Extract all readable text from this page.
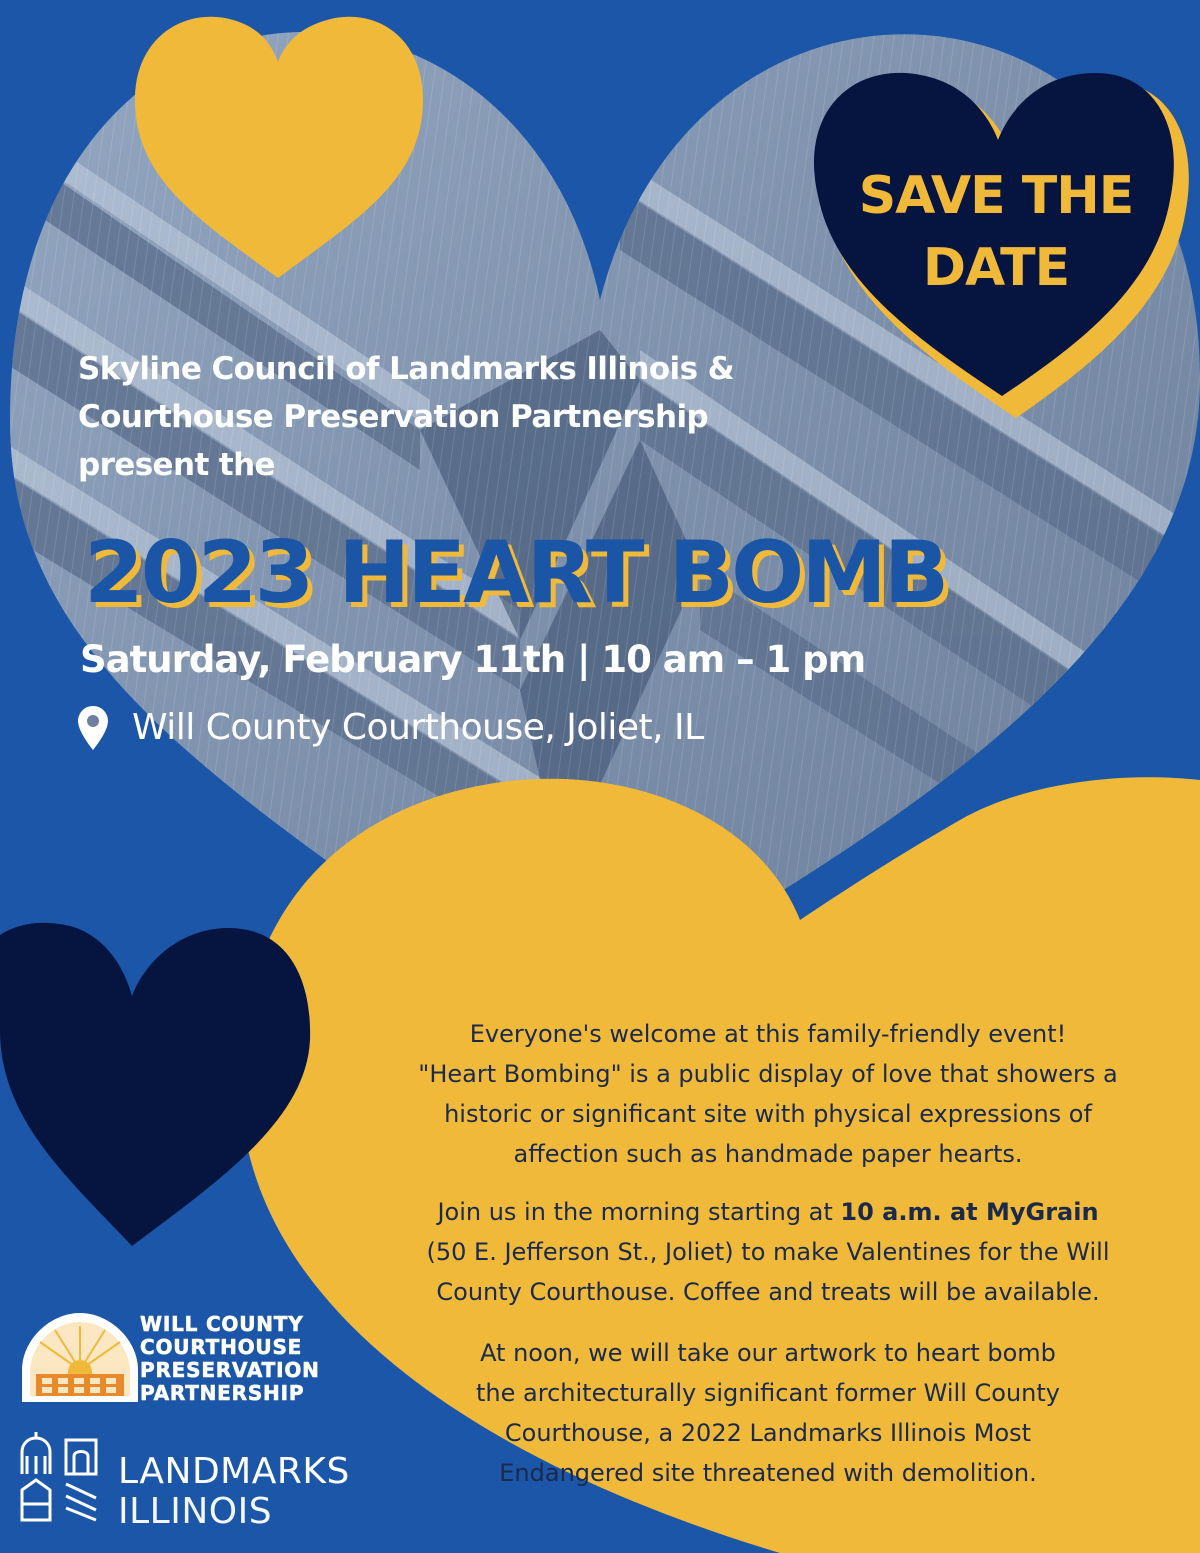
SAVE THE
DATE
Skyline Council of Landmarks Illinois &
Courthouse Preservation Partnership
present the
2023 HEART BOMB
Saturday, February 11th | 10 am – 1 pm
Will County Courthouse, Joliet, IL
Everyone's welcome at this family-friendly event!
"Heart Bombing" is a public display of love that showers a
historic or significant site with physical expressions of
affection such as handmade paper hearts.
Join us in the morning starting at 10 a.m. at MyGrain
(50 E. Jefferson St., Joliet) to make Valentines for the Will
County Courthouse. Coffee and treats will be available.
At noon, we will take our artwork to heart bomb
the architecturally significant former Will County
Courthouse, a 2022 Landmarks Illinois Most
Endangered site threatened with demolition.
WILL COUNTY
COURTHOUSE
PRESERVATION
PARTNERSHIP
LANDMARKS
ILLINOIS
